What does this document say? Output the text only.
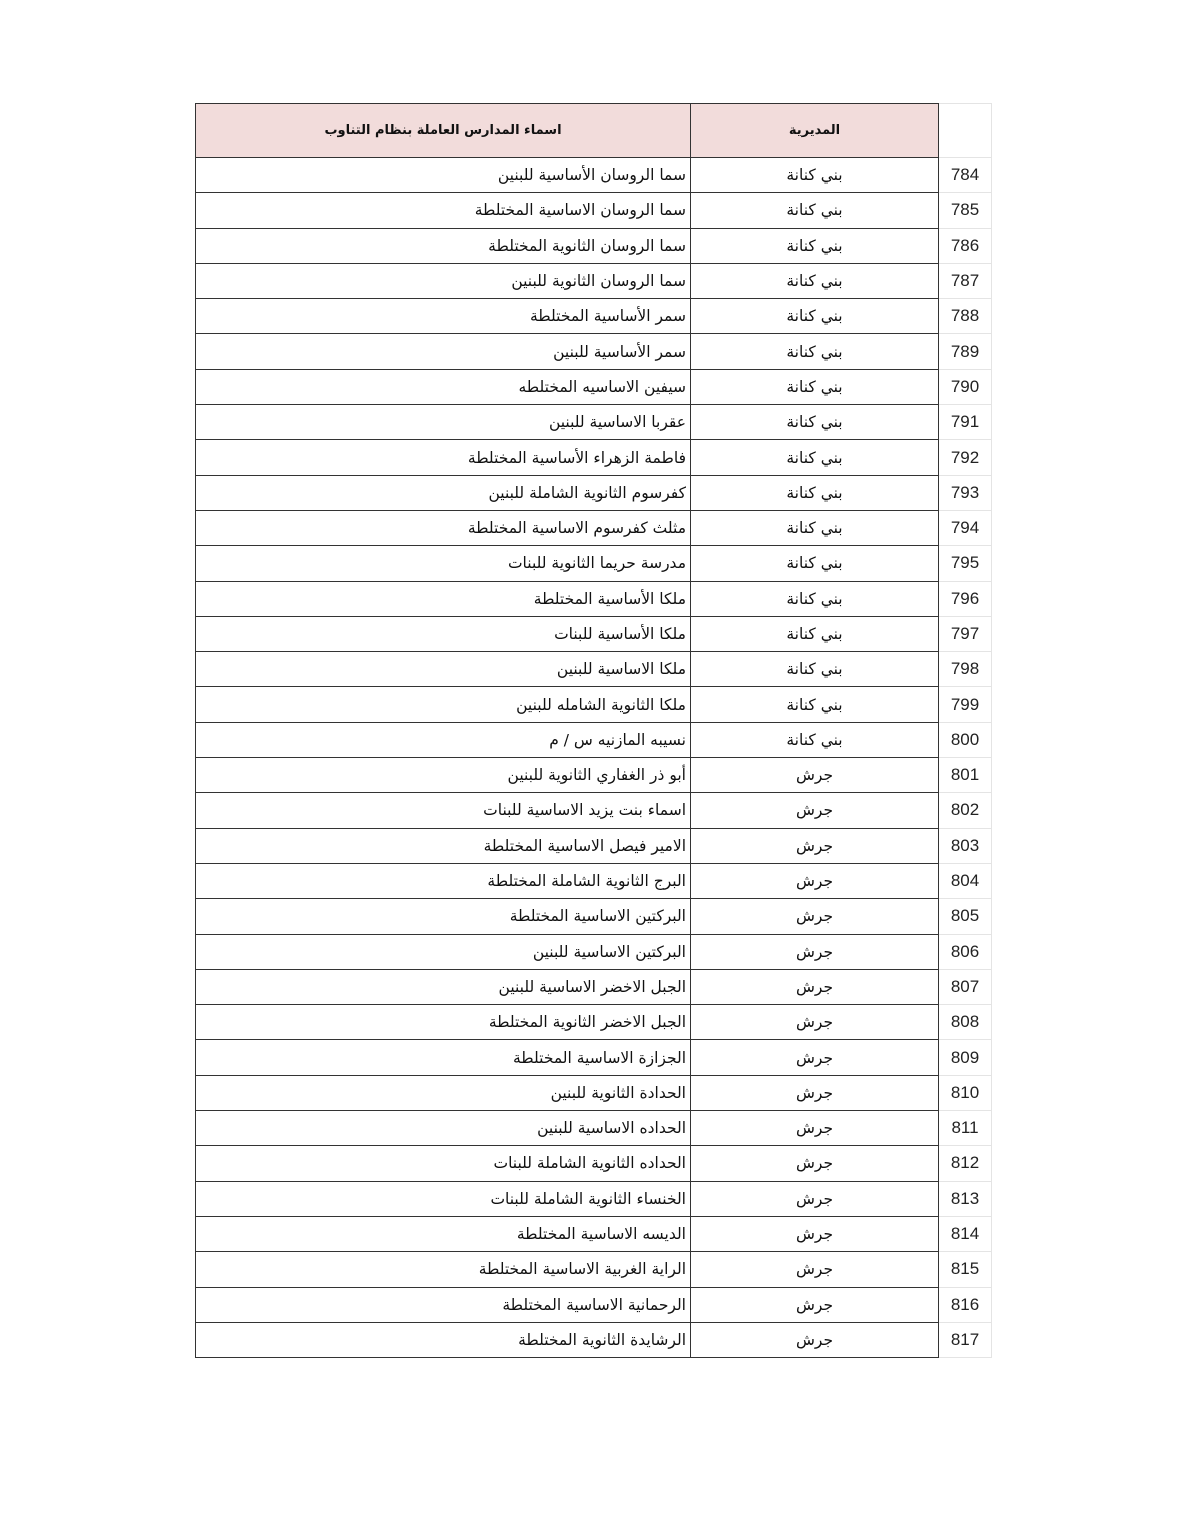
اسماء المدارس العاملة بنظام التناوب	المديرية	
سما الروسان الأساسية للبنين	بني كنانة	784
سما الروسان الاساسية المختلطة	بني كنانة	785
سما الروسان الثانوية المختلطة	بني كنانة	786
سما الروسان الثانوية للبنين	بني كنانة	787
سمر الأساسية المختلطة	بني كنانة	788
سمر الأساسية للبنين	بني كنانة	789
سيفين الاساسيه المختلطه	بني كنانة	790
عقربا الاساسية للبنين	بني كنانة	791
فاطمة الزهراء الأساسية المختلطة	بني كنانة	792
كفرسوم الثانوية الشاملة للبنين	بني كنانة	793
مثلث كفرسوم الاساسية المختلطة	بني كنانة	794
مدرسة حريما الثانوية للبنات	بني كنانة	795
ملكا الأساسية المختلطة	بني كنانة	796
ملكا الأساسية للبنات	بني كنانة	797
ملكا الاساسية للبنين	بني كنانة	798
ملكا الثانوية الشامله للبنين	بني كنانة	799
نسيبه المازنيه س / م	بني كنانة	800
أبو ذر الغفاري الثانوية للبنين	جرش	801
اسماء بنت يزيد الاساسية للبنات	جرش	802
الامير فيصل الاساسية المختلطة	جرش	803
البرج الثانوية الشاملة المختلطة	جرش	804
البركتين الاساسية المختلطة	جرش	805
البركتين الاساسية للبنين	جرش	806
الجبل الاخضر الاساسية للبنين	جرش	807
الجبل الاخضر الثانوية المختلطة	جرش	808
الجزازة الاساسية المختلطة	جرش	809
الحدادة الثانوية للبنين	جرش	810
الحداده الاساسية للبنين	جرش	811
الحداده الثانوية الشاملة للبنات	جرش	812
الخنساء الثانوية الشاملة للبنات	جرش	813
الديسه الاساسية المختلطة	جرش	814
الراية الغربية الاساسية المختلطة	جرش	815
الرحمانية الاساسية المختلطة	جرش	816
الرشايدة الثانوية المختلطة	جرش	817
